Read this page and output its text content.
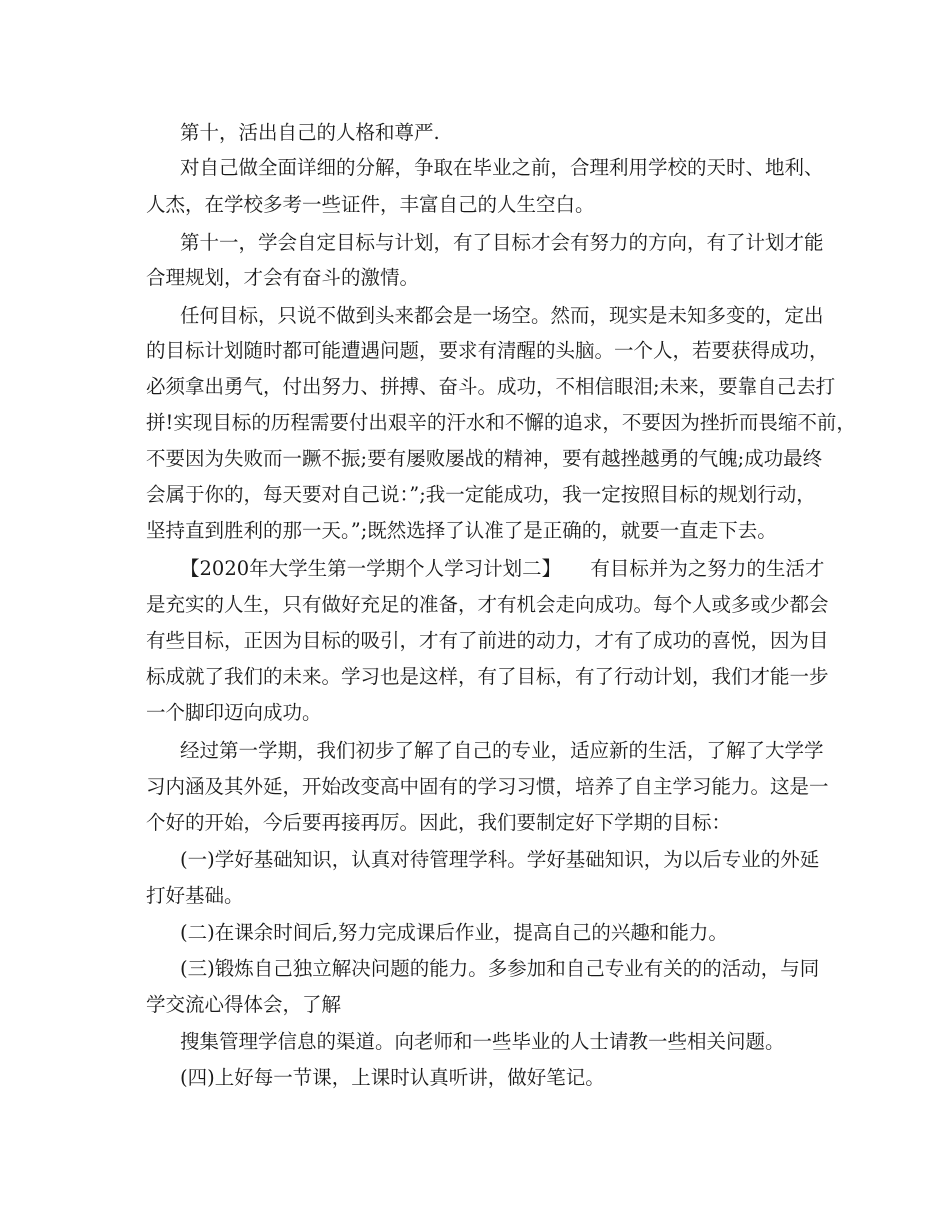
第十，活出自己的人格和尊严.
对自己做全面详细的分解，争取在毕业之前，合理利用学校的天时、地利、
人杰，在学校多考一些证件，丰富自己的人生空白。
第十一，学会自定目标与计划，有了目标才会有努力的方向，有了计划才能
合理规划，才会有奋斗的激情。
任何目标，只说不做到头来都会是一场空。然而，现实是未知多变的，定出
的目标计划随时都可能遭遇问题，要求有清醒的头脑。一个人，若要获得成功，
必须拿出勇气，付出努力、拼搏、奋斗。成功，不相信眼泪;未来，要靠自己去打
拼!实现目标的历程需要付出艰辛的汗水和不懈的追求，不要因为挫折而畏缩不前，
不要因为失败而一蹶不振;要有屡败屡战的精神，要有越挫越勇的气魄;成功最终
会属于你的，每天要对自己说：”;我一定能成功，我一定按照目标的规划行动，
坚持直到胜利的那一天。”;既然选择了认准了是正确的，就要一直走下去。
【2020年大学生第一学期个人学习计划二】　　有目标并为之努力的生活才
是充实的人生，只有做好充足的准备，才有机会走向成功。每个人或多或少都会
有些目标，正因为目标的吸引，才有了前进的动力，才有了成功的喜悦，因为目
标成就了我们的未来。学习也是这样，有了目标，有了行动计划，我们才能一步
一个脚印迈向成功。
经过第一学期，我们初步了解了自己的专业，适应新的生活，了解了大学学
习内涵及其外延，开始改变高中固有的学习习惯，培养了自主学习能力。这是一
个好的开始，今后要再接再厉。因此，我们要制定好下学期的目标：
(一)学好基础知识，认真对待管理学科。学好基础知识，为以后专业的外延
打好基础。
(二)在课余时间后,努力完成课后作业，提高自己的兴趣和能力。
(三)锻炼自己独立解决问题的能力。多参加和自己专业有关的的活动，与同
学交流心得体会，了解
搜集管理学信息的渠道。向老师和一些毕业的人士请教一些相关问题。
(四)上好每一节课，上课时认真听讲，做好笔记。
